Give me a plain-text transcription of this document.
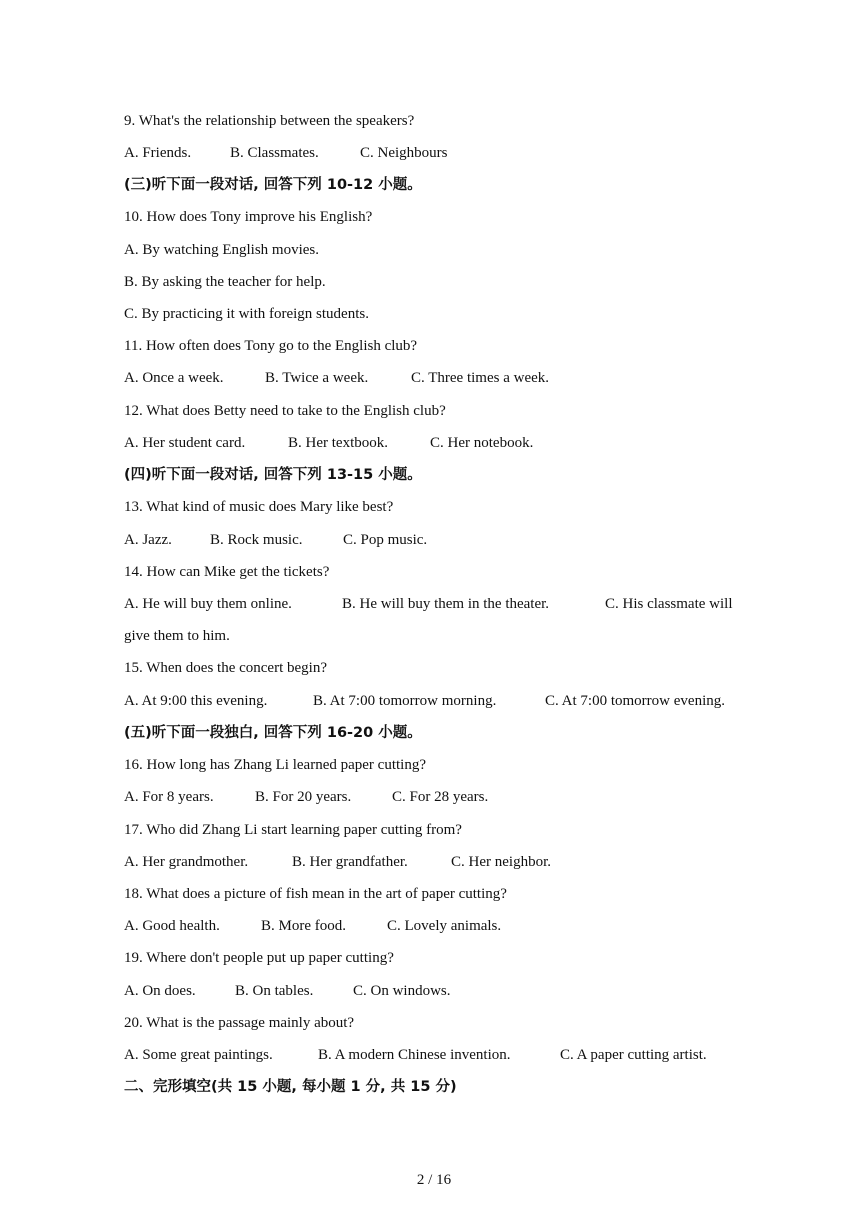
9. What's the relationship between the speakers?
A. Friends.	B. Classmates.	C. Neighbours
(三)听下面一段对话, 回答下列 10-12 小题。
10. How does Tony improve his English?
A. By watching English movies.
B. By asking the teacher for help.
C. By practicing it with foreign students.
11. How often does Tony go to the English club?
A. Once a week.	B. Twice a week.	C. Three times a week.
12. What does Betty need to take to the English club?
A. Her student card.	B. Her textbook.	C. Her notebook.
(四)听下面一段对话, 回答下列 13-15 小题。
13. What kind of music does Mary like best?
A. Jazz.	B. Rock music.	C. Pop music.
14. How can Mike get the tickets?
A. He will buy them online.	B. He will buy them in the theater.	C. His classmate will
give them to him.
15. When does the concert begin?
A. At 9:00 this evening.	B. At 7:00 tomorrow morning.	C. At 7:00 tomorrow evening.
(五)听下面一段独白, 回答下列 16-20 小题。
16. How long has Zhang Li learned paper cutting?
A. For 8 years.	B. For 20 years.	C. For 28 years.
17. Who did Zhang Li start learning paper cutting from?
A. Her grandmother.	B. Her grandfather.	C. Her neighbor.
18. What does a picture of fish mean in the art of paper cutting?
A. Good health.	B. More food.	C. Lovely animals.
19. Where don't people put up paper cutting?
A. On does.	B. On tables.	C. On windows.
20. What is the passage mainly about?
A. Some great paintings.	B. A modern Chinese invention.	C. A paper cutting artist.
二、完形填空(共 15 小题, 每小题 1 分, 共 15 分)
2 / 16
